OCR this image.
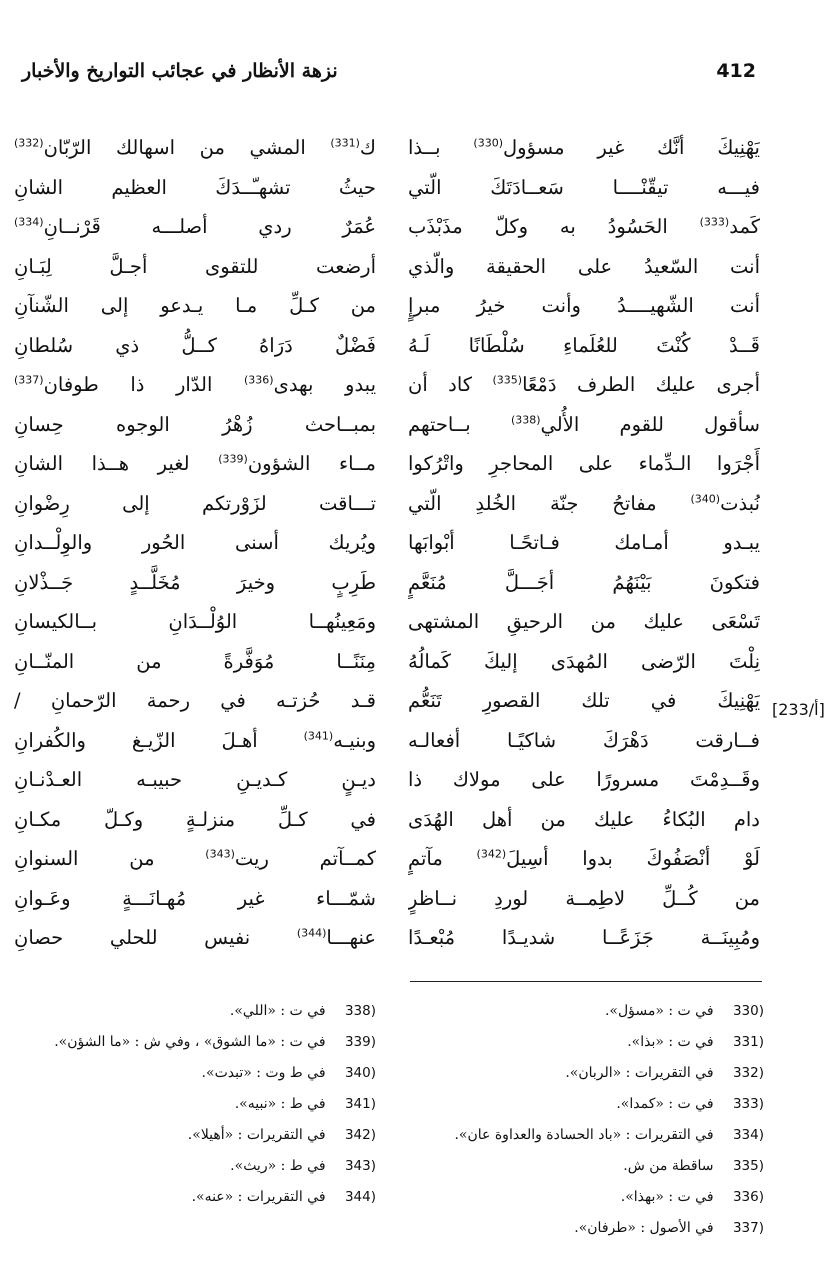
نزهة الأنظار في عجائب التواريخ والأخبار	412
يَهْنِيكَ أنَّك غير مسؤول$^{(330)}$ بــذا
فيـــه تيقّنْــــا سَعــادَتَكَ الّتي
كَمد$^{(333)}$ الحَسُودُ به وكلّ مذَبْذَب
أنت السّعيدُ على الحقيقة والّذي
أنت الشّهيــــدُ وأنت خيرُ مبرإٍ
قَــدْ كُنْتَ للعُلَماءِ سُلْطَانًا لَـهُ
أجرى عليك الطرف دَمْعًا$^{(335)}$ كاد أن
سأقول للقوم الأُلي$^{(338)}$ بــاحتهم
أَجْرَوا الـدِّماء على المحاجرِ واتْرُكوا
نُبذت$^{(340)}$ مفاتحُ جنّة الخُلدِ الّتي
يبـدو أمـامك فـاتحًـا أبْوابَها
فتكونَ بَيْنَهُمُ أجَـــلَّ مُنَعَّمٍ
تَسْعَى عليك من الرحيقِ المشتهى
نِلْتَ الرّضى المُهدَى إليكَ كَمالُهُ
يَهْنِيكَ في تلك القصورِ تَنَعُّم
فــارقت دَهْرَكَ شاكيًـا أفعالـه
وقَــدِمْتَ مسرورًا على مولاك ذا
دام البُكاءُ عليك من أهل الهُدَى
لَوْ أنْصَفُوكَ بدوا أسِيلَ$^{(342)}$ مآتمٍ
من كُــلِّ لاطِمــة لوردِ نــاظرٍ
ومُبِينَــة جَزَعًــا شديـدًا مُبْعـدًا
ك$^{(331)}$ المشي من اسهالك الرّبّان$^{(332)}$
حيثُ تشهـّــدَكَ العظيم الشانِ
عُمَرٌ ردي أصلـــه قَرْنــانِ$^{(334)}$
أرضعت للتقوى أجـلَّ لِبَـانِ
من كـلِّ مـا يـدعو إلى الشّنآنِ
فَضْلٌ دَرَاهُ كــلُّ ذي سُلطانِ
يبدو بهدى$^{(336)}$ الدّار ذا طوفان$^{(337)}$
بمبــاحث زُهْرُ الوجوه حِسانِ
مــاء الشؤون$^{(339)}$ لغير هــذا الشانِ
تـــاقت لزَوْرتكم إلى رِضْوانِ
ويُريك أسنى الحُور والوِلْــدانِ
طَرِبٍ وخيرَ مُخَلَّــدٍ جَــذْلانِ
ومَعِينُهــا الوُلْــدَانِ بــالكيسانِ
مِنَنًــا مُوَفَّرةً من المنّــانِ
قـد حُزتـه في رحمة الرّحمانِ /
وبنيـه$^{(341)}$ أهـلَ الزّيـغ والكُفرانِ
ديـنٍ كـديـنِ حبيبـه العـدْنـانِ
في كـلِّ منزلـةٍ وكـلّ مكـانِ
كمــآتم ريت$^{(343)}$ من السنوانِ
شمّـــاء غير مُهـانَـــةٍ وعَـوانِ
عنهـــا$^{(344)}$ نفيس للحلي حصانِ
[233/أ]
330) في ت : «مسؤل».
331) في ت : «بذا».
332) في التقريرات : «الربان».
333) في ت : «كمدا».
334) في التقريرات : «باد الحسادة والعداوة عان».
335) ساقطة من ش.
336) في ت : «بهذا».
337) في الأصول : «طرفان».
338) في ت : «اللي».
339) في ت : «ما الشوق» ، وفي ش : «ما الشؤن».
340) في ط وت : «تبدت».
341) في ط : «نبيه».
342) في التقريرات : «أهيلا».
343) في ط : «ريث».
344) في التقريرات : «عنه».
